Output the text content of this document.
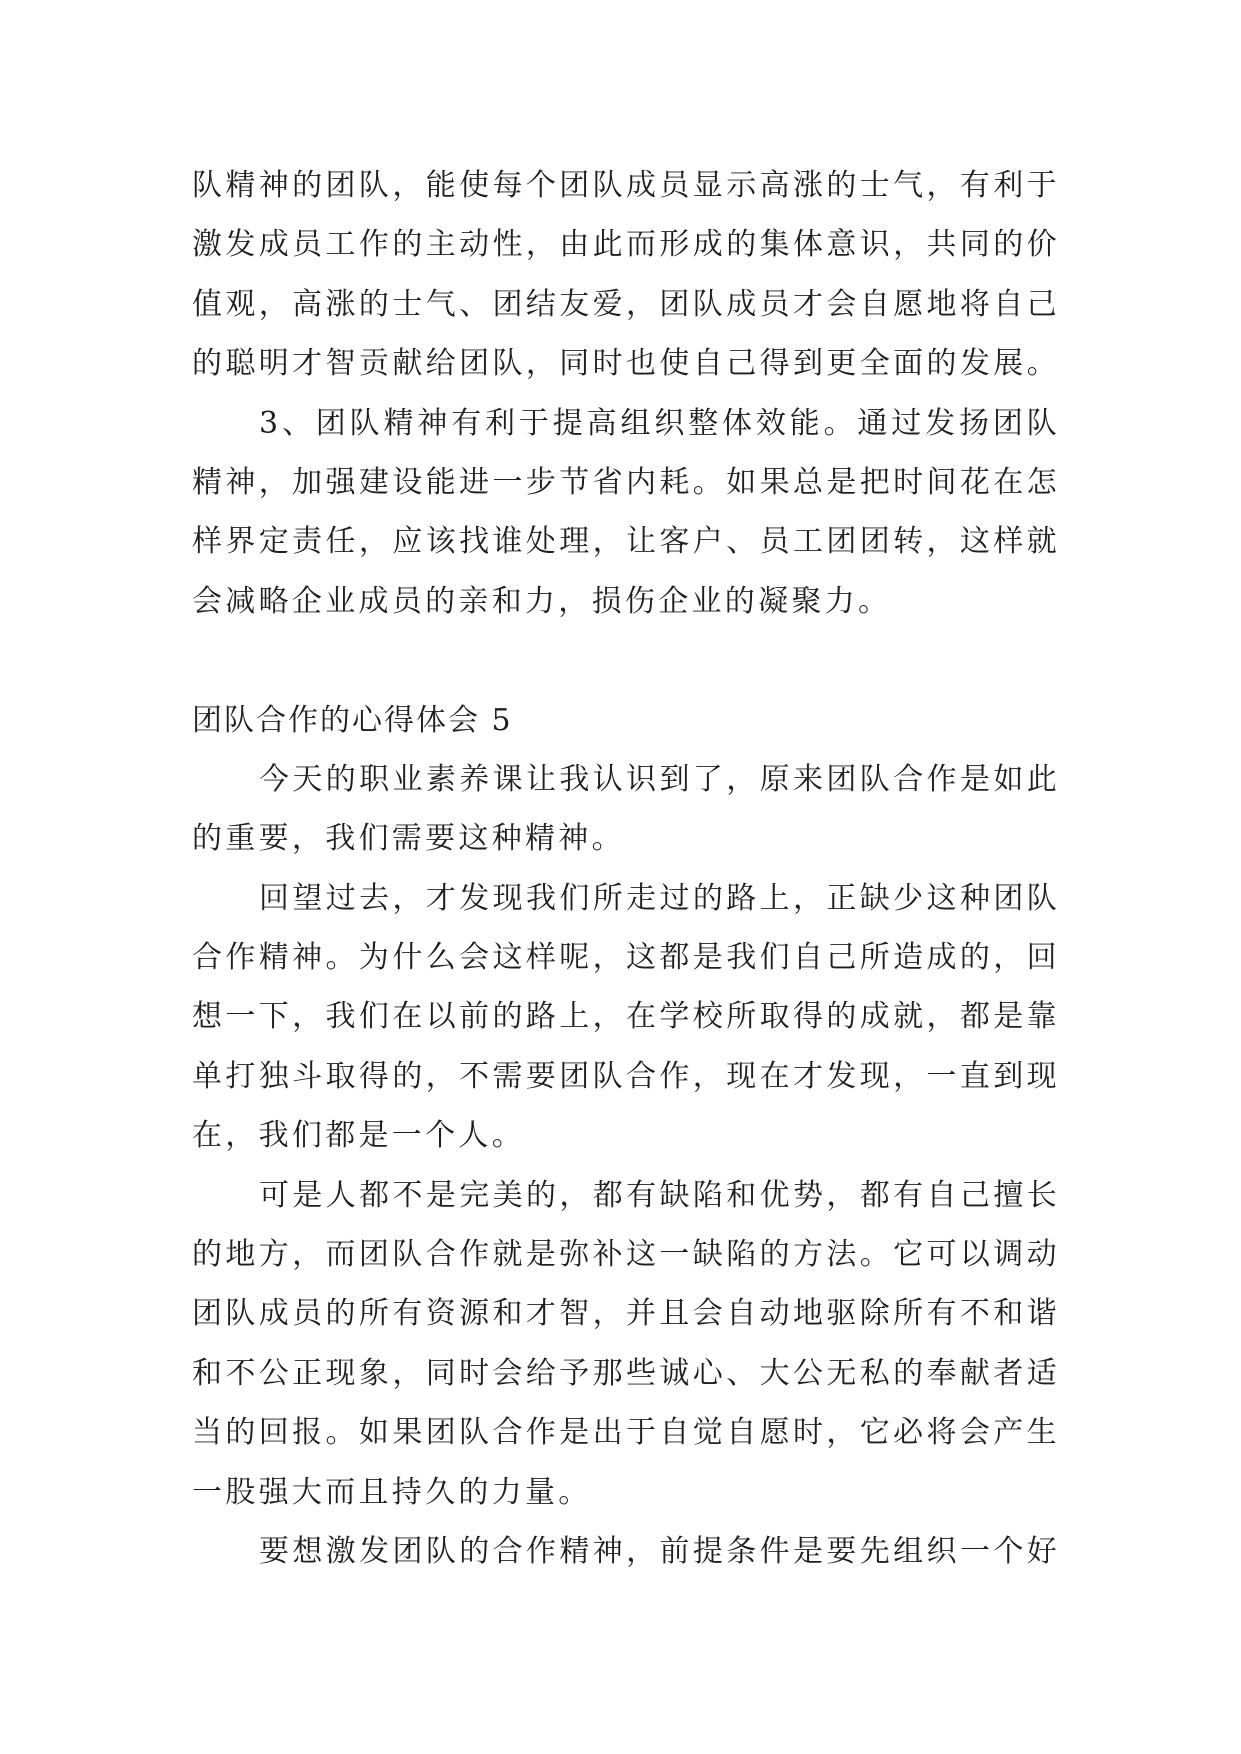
队精神的团队，能使每个团队成员显示高涨的士气，有利于
激发成员工作的主动性，由此而形成的集体意识，共同的价
值观，高涨的士气、团结友爱，团队成员才会自愿地将自己
的聪明才智贡献给团队，同时也使自己得到更全面的发展。
3、团队精神有利于提高组织整体效能。通过发扬团队
精神，加强建设能进一步节省内耗。如果总是把时间花在怎
样界定责任，应该找谁处理，让客户、员工团团转，这样就
会减略企业成员的亲和力，损伤企业的凝聚力。
团队合作的心得体会 5
今天的职业素养课让我认识到了，原来团队合作是如此
的重要，我们需要这种精神。
回望过去，才发现我们所走过的路上，正缺少这种团队
合作精神。为什么会这样呢，这都是我们自己所造成的，回
想一下，我们在以前的路上，在学校所取得的成就，都是靠
单打独斗取得的，不需要团队合作，现在才发现，一直到现
在，我们都是一个人。
可是人都不是完美的，都有缺陷和优势，都有自己擅长
的地方，而团队合作就是弥补这一缺陷的方法。它可以调动
团队成员的所有资源和才智，并且会自动地驱除所有不和谐
和不公正现象，同时会给予那些诚心、大公无私的奉献者适
当的回报。如果团队合作是出于自觉自愿时，它必将会产生
一股强大而且持久的力量。
要想激发团队的合作精神，前提条件是要先组织一个好
